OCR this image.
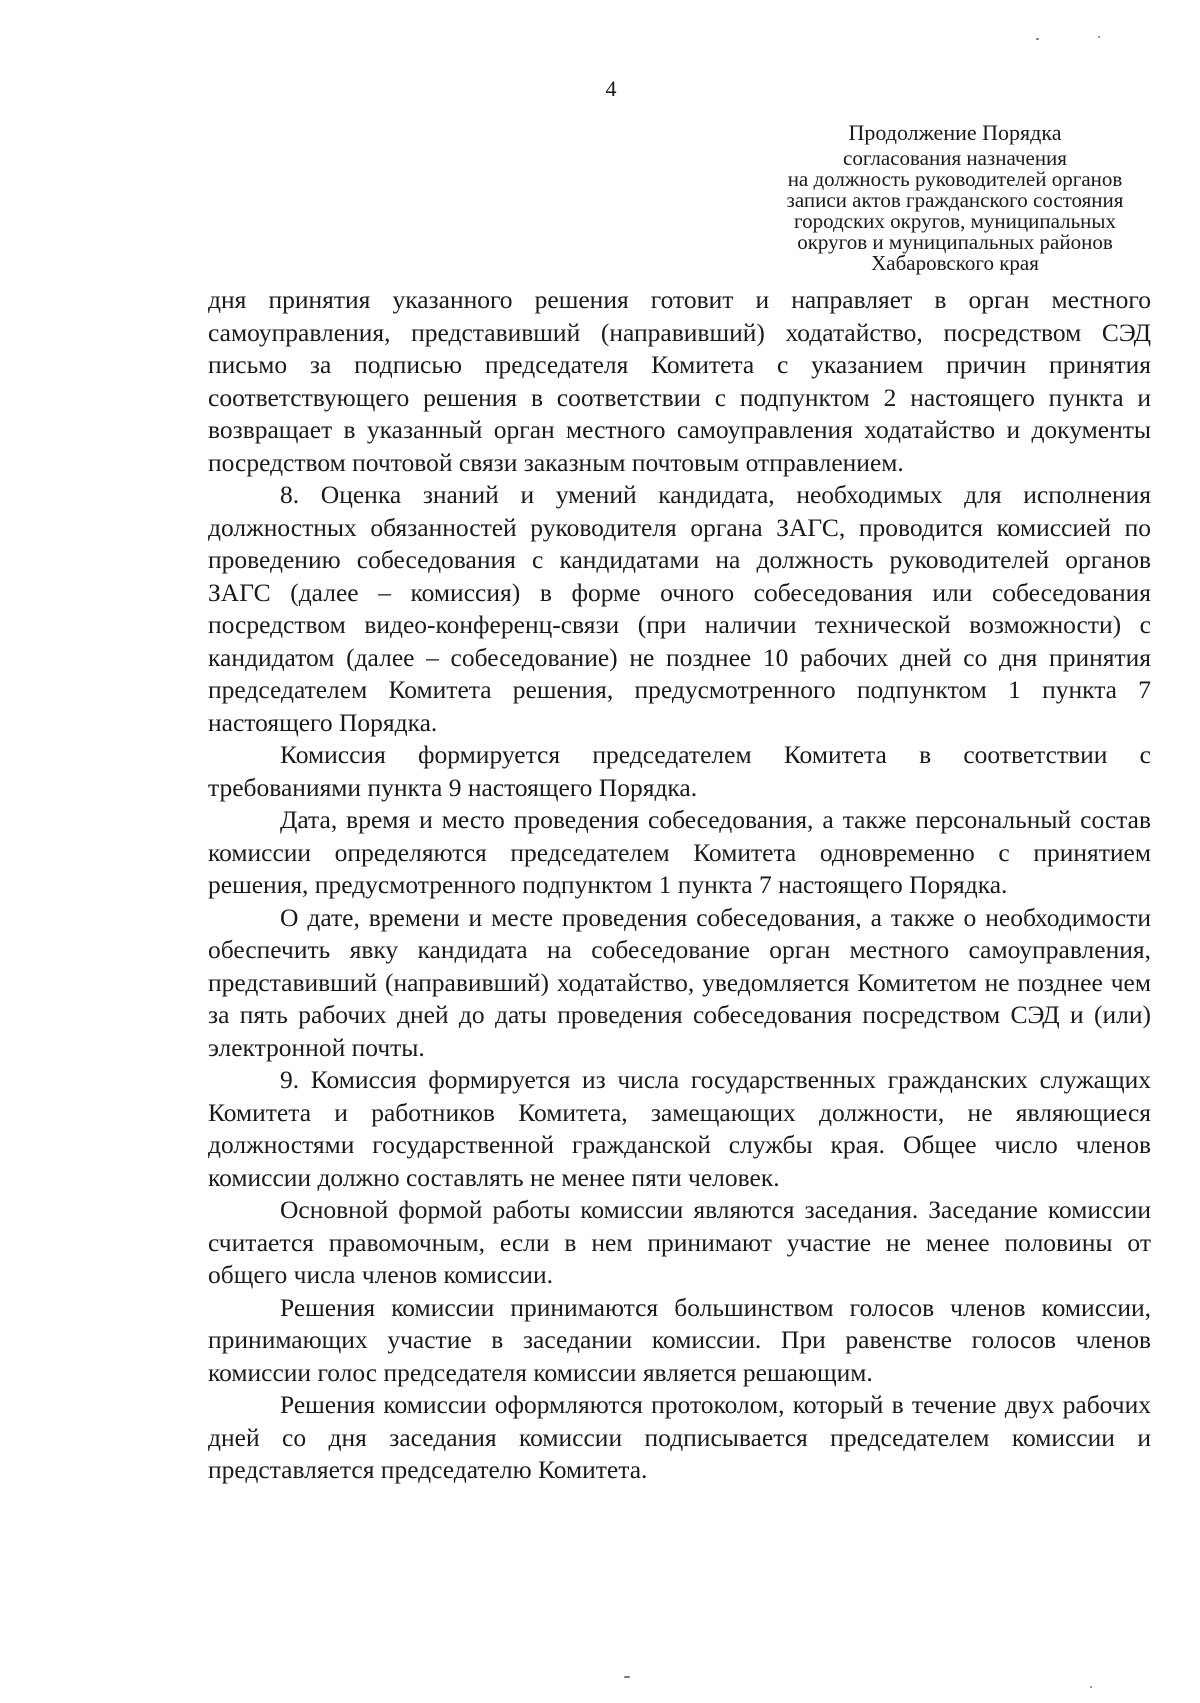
4
Продолжение Порядка
согласования назначения
на должность руководителей органов
записи актов гражданского состояния
городских округов, муниципальных
округов и муниципальных районов
Хабаровского края

дня принятия указанного решения готовит и направляет в орган местного самоуправления, представивший (направивший) ходатайство, посредством СЭД письмо за подписью председателя Комитета с указанием причин принятия соответствующего решения в соответствии с подпунктом 2 настоящего пункта и возвращает в указанный орган местного самоуправления ходатайство и документы посредством почтовой связи заказным почтовым отправлением.

8. Оценка знаний и умений кандидата, необходимых для исполнения должностных обязанностей руководителя органа ЗАГС, проводится комиссией по проведению собеседования с кандидатами на должность руководителей органов ЗАГС (далее – комиссия) в форме очного собеседования или собеседования посредством видео-конференц-связи (при наличии технической возможности) с кандидатом (далее – собеседование) не позднее 10 рабочих дней со дня принятия председателем Комитета решения, предусмотренного подпунктом 1 пункта 7 настоящего Порядка.

Комиссия формируется председателем Комитета в соответствии с требованиями пункта 9 настоящего Порядка.

Дата, время и место проведения собеседования, а также персональный состав комиссии определяются председателем Комитета одновременно с принятием решения, предусмотренного подпунктом 1 пункта 7 настоящего Порядка.

О дате, времени и месте проведения собеседования, а также о необходимости обеспечить явку кандидата на собеседование орган местного самоуправления, представивший (направивший) ходатайство, уведомляется Комитетом не позднее чем за пять рабочих дней до даты проведения собеседования посредством СЭД и (или) электронной почты.

9. Комиссия формируется из числа государственных гражданских служащих Комитета и работников Комитета, замещающих должности, не являющиеся должностями государственной гражданской службы края. Общее число членов комиссии должно составлять не менее пяти человек.

Основной формой работы комиссии являются заседания. Заседание комиссии считается правомочным, если в нем принимают участие не менее половины от общего числа членов комиссии.

Решения комиссии принимаются большинством голосов членов комиссии, принимающих участие в заседании комиссии. При равенстве голосов членов комиссии голос председателя комиссии является решающим.

Решения комиссии оформляются протоколом, который в течение двух рабочих дней со дня заседания комиссии подписывается председателем комиссии и представляется председателю Комитета.
